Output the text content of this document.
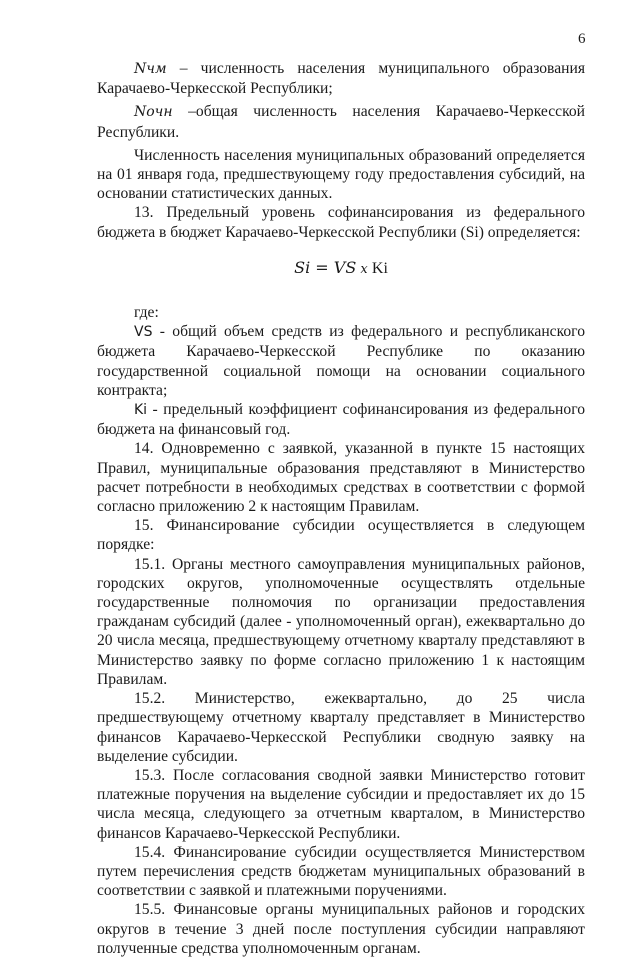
6

Nчм – численность населения муниципального образования Карачаево-Черкесской Республики;

Nочн –общая численность населения Карачаево-Черкесской Республики.

Численность населения муниципальных образований определяется на 01 января года, предшествующему году предоставления субсидий, на основании статистических данных.

13. Предельный уровень софинансирования из федерального бюджета в бюджет Карачаево-Черкесской Республики (Si) определяется:

Si = VS x Ki

где:

VS - общий объем средств из федерального и республиканского бюджета Карачаево-Черкесской Республике по оказанию государственной социальной помощи на основании социального контракта;

Ki - предельный коэффициент софинансирования из федерального бюджета на финансовый год.

14. Одновременно с заявкой, указанной в пункте 15 настоящих Правил, муниципальные образования представляют в Министерство расчет потребности в необходимых средствах в соответствии с формой согласно приложению 2 к настоящим Правилам.

15. Финансирование субсидии осуществляется в следующем порядке:

15.1. Органы местного самоуправления муниципальных районов, городских округов, уполномоченные осуществлять отдельные государственные полномочия по организации предоставления гражданам субсидий (далее - уполномоченный орган), ежеквартально до 20 числа месяца, предшествующему отчетному кварталу представляют в Министерство заявку по форме согласно приложению 1 к настоящим Правилам.

15.2. Министерство, ежеквартально, до 25 числа предшествующему отчетному кварталу представляет в Министерство финансов Карачаево-Черкесской Республики сводную заявку на выделение субсидии.

15.3. После согласования сводной заявки Министерство готовит платежные поручения на выделение субсидии и предоставляет их до 15 числа месяца, следующего за отчетным кварталом, в Министерство финансов Карачаево-Черкесской Республики.

15.4. Финансирование субсидии осуществляется Министерством путем перечисления средств бюджетам муниципальных образований в соответствии с заявкой и платежными поручениями.

15.5. Финансовые органы муниципальных районов и городских округов в течение 3 дней после поступления субсидии направляют полученные средства уполномоченным органам.
